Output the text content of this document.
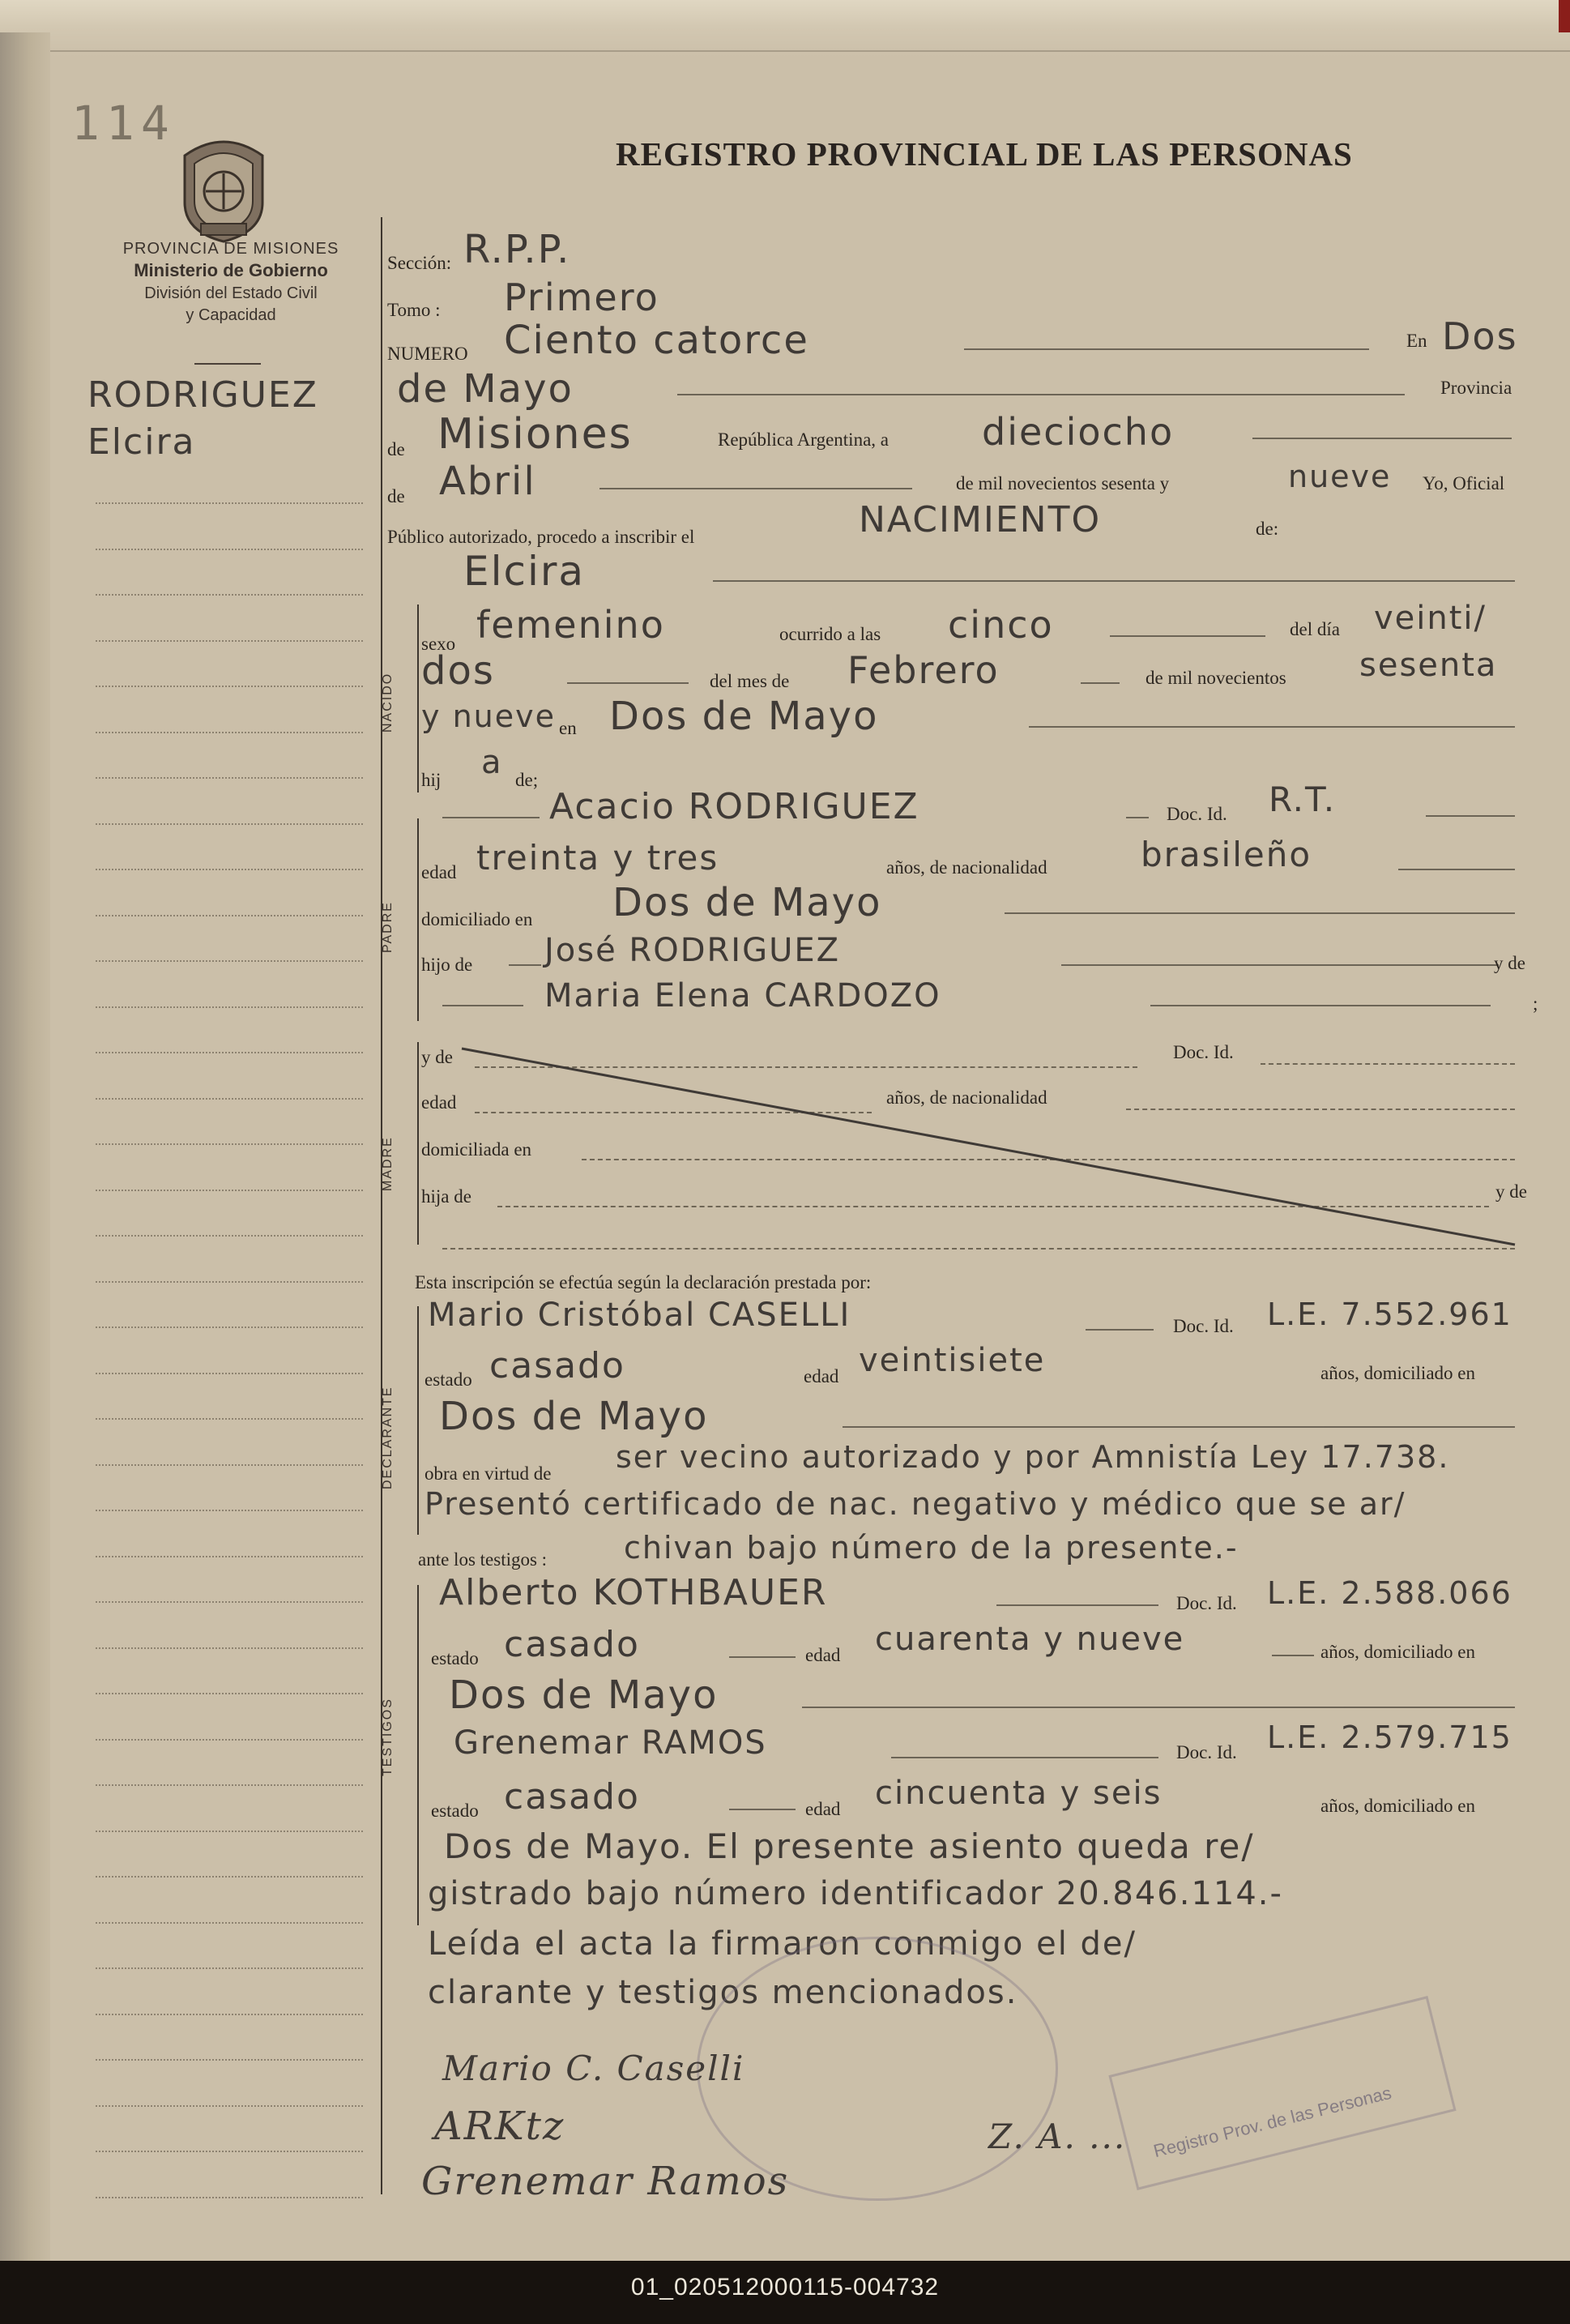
114
REGISTRO PROVINCIAL DE LAS PERSONAS
PROVINCIA DE MISIONES
Ministerio de Gobierno
División del Estado Civil
y Capacidad
RODRIGUEZ
Elcira
Sección: R.P.P.
Tomo : Primero
NUMERO Ciento catorce	En Dos
de Mayo	Provincia
de Misiones	República Argentina, a	dieciocho
de Abril	de mil novecientos sesenta y	nueve Yo, Oficial
Público autorizado, procedo a inscribir el	NACIMIENTO	de:
Elcira
NACIDO
sexo femenino	ocurrido a las cinco	del día veinti/
dos	del mes de Febrero	de mil novecientos sesenta
y nueve en Dos de Mayo
hij a de;
PADRE
Acacio RODRIGUEZ	Doc. Id. R.T.
edad treinta y tres	años, de nacionalidad	brasileño
domiciliado en Dos de Mayo
hijo de José RODRIGUEZ	y de
Maria Elena CARDOZO	;
MADRE
y de	Doc. Id.
edad	años, de nacionalidad
domiciliada en
hija de	y de
Esta inscripción se efectúa según la declaración prestada por:
DECLARANTE
Mario Cristóbal CASELLI	Doc. Id. L.E. 7.552.961
estado casado	edad veintisiete	años, domiciliado en
Dos de Mayo
obra en virtud de ser vecino autorizado y por Amnistía Ley 17.738.
Presentó certificado de nac. negativo y médico que se ar/
ante los testigos : chivan bajo número de la presente.-
TESTIGOS
Alberto KOTHBAUER	Doc. Id. L.E. 2.588.066
estado casado	edad cuarenta y nueve	años, domiciliado en
Dos de Mayo
Grenemar RAMOS	Doc. Id. L.E. 2.579.715
estado casado	edad cincuenta y seis	años, domiciliado en
Dos de Mayo. El presente asiento queda re/
gistrado bajo número identificador 20.846.114.-
Leída el acta la firmaron conmigo el de/
clarante y testigos mencionados.
Registro Prov. de las Personas
Mario C. Caselli
ARKtz
Grenemar Ramos
Z. A. ...
01_020512000115-004732
